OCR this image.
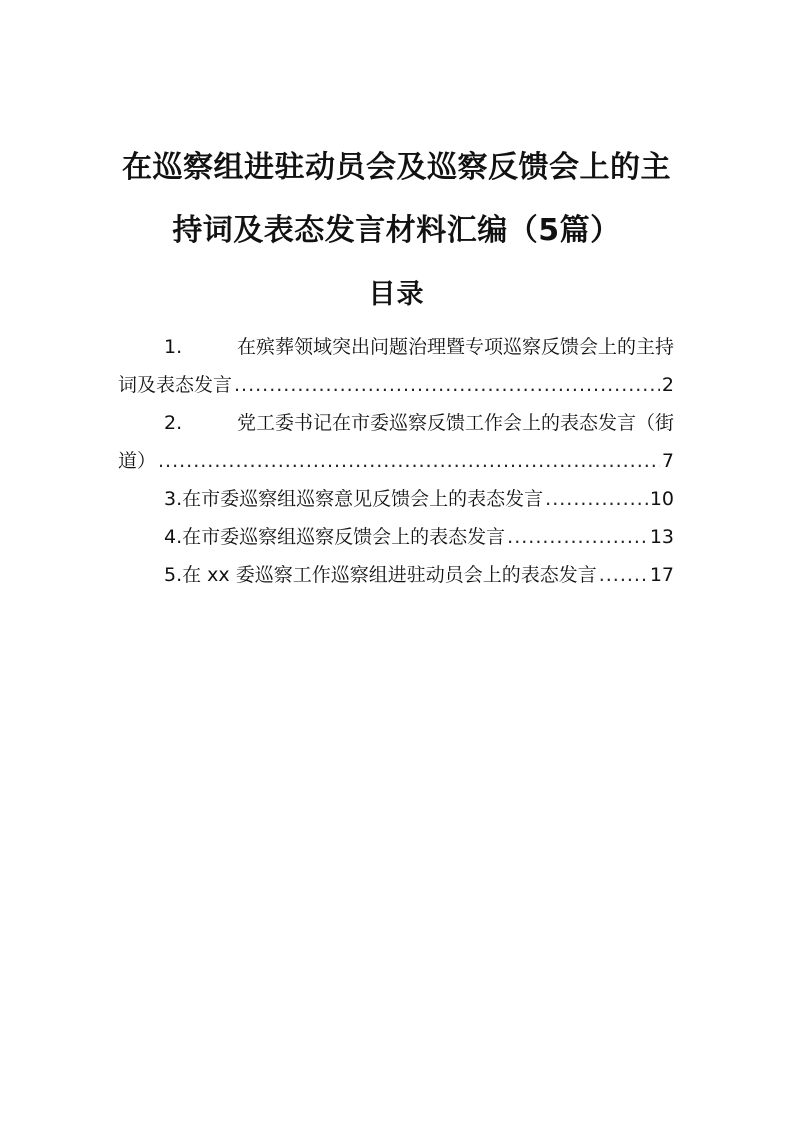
在巡察组进驻动员会及巡察反馈会上的主
持词及表态发言材料汇编（5篇）
目录
1.	在殡葬领域突出问题治理暨专项巡察反馈会上的主持
词及表态发言 .....	2
2.	党工委书记在市委巡察反馈工作会上的表态发言（街
道） .....	7
3. 在市委巡察组巡察意见反馈会上的表态发言 .....	10
4. 在市委巡察组巡察反馈会上的表态发言 .....	13
5. 在 xx 委巡察工作巡察组进驻动员会上的表态发言 .....	17
